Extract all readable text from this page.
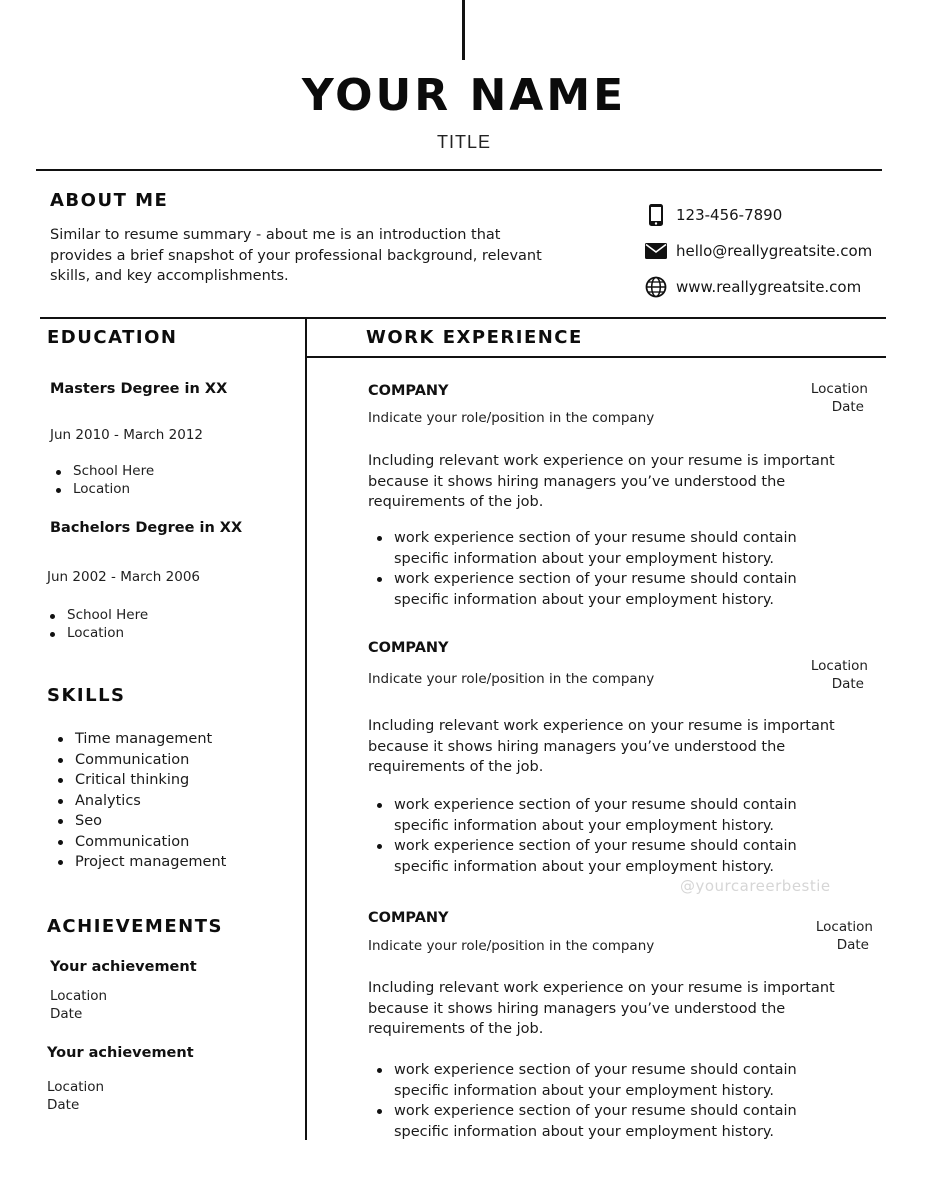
YOUR NAME
TITLE
ABOUT ME
Similar to resume summary - about me is an introduction that
provides a brief snapshot of your professional background, relevant
skills, and key accomplishments.
123-456-7890
hello@reallygreatsite.com
www.reallygreatsite.com
EDUCATION
Masters Degree in XX
Jun 2010 - March 2012
School Here
Location
Bachelors Degree in XX
Jun 2002 - March 2006
School Here
Location
SKILLS
Time management
Communication
Critical thinking
Analytics
Seo
Communication
Project management
ACHIEVEMENTS
Your achievement
Location
Date
Your achievement
Location
Date
WORK EXPERIENCE
COMPANY
Indicate your role/position in the company
Location
Date
Including relevant work experience on your resume is important
because it shows hiring managers you’ve understood the
requirements of the job.
work experience section of your resume should contain
specific information about your employment history.
work experience section of your resume should contain
specific information about your employment history.
COMPANY
Indicate your role/position in the company
Location
Date
Including relevant work experience on your resume is important
because it shows hiring managers you’ve understood the
requirements of the job.
work experience section of your resume should contain
specific information about your employment history.
work experience section of your resume should contain
specific information about your employment history.
@yourcareerbestie
COMPANY
Indicate your role/position in the company
Location
Date
Including relevant work experience on your resume is important
because it shows hiring managers you’ve understood the
requirements of the job.
work experience section of your resume should contain
specific information about your employment history.
work experience section of your resume should contain
specific information about your employment history.
